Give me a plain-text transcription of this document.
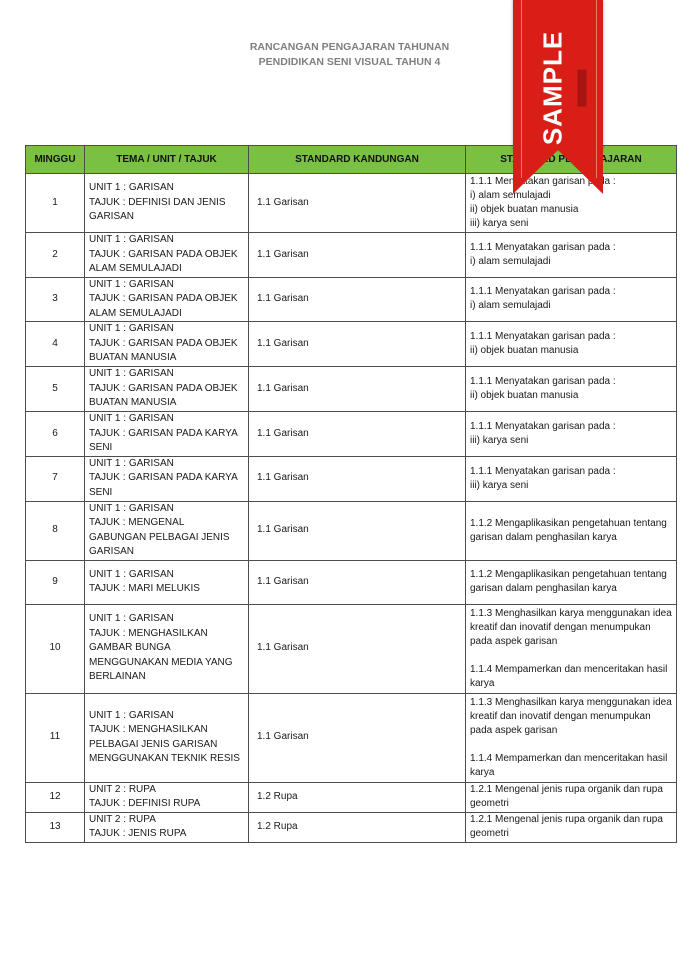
RANCANGAN PENGAJARAN TAHUNAN
PENDIDIKAN SENI VISUAL TAHUN 4
MINGGU	TEMA / UNIT / TAJUK	STANDARD KANDUNGAN	STANDARD PEMBELAJARAN
1	UNIT 1 : GARISAN
TAJUK : DEFINISI DAN JENIS GARISAN	1.1 Garisan	1.1.1 Menyatakan garisan pada :
i) alam semulajadi
ii) objek buatan manusia
iii) karya seni
2	UNIT 1 : GARISAN
TAJUK : GARISAN PADA OBJEK ALAM SEMULAJADI	1.1 Garisan	1.1.1 Menyatakan garisan pada :
i) alam semulajadi
3	UNIT 1 : GARISAN
TAJUK : GARISAN PADA OBJEK ALAM SEMULAJADI	1.1 Garisan	1.1.1 Menyatakan garisan pada :
i) alam semulajadi
4	UNIT 1 : GARISAN
TAJUK : GARISAN PADA OBJEK BUATAN MANUSIA	1.1 Garisan	1.1.1 Menyatakan garisan pada :
ii) objek buatan manusia
5	UNIT 1 : GARISAN
TAJUK : GARISAN PADA OBJEK BUATAN MANUSIA	1.1 Garisan	1.1.1 Menyatakan garisan pada :
ii) objek buatan manusia
6	UNIT 1 : GARISAN
TAJUK : GARISAN PADA KARYA SENI	1.1 Garisan	1.1.1 Menyatakan garisan pada :
iii) karya seni
7	UNIT 1 : GARISAN
TAJUK : GARISAN PADA KARYA SENI	1.1 Garisan	1.1.1 Menyatakan garisan pada :
iii) karya seni
8	UNIT 1 : GARISAN
TAJUK : MENGENAL GABUNGAN PELBAGAI JENIS GARISAN	1.1 Garisan	1.1.2 Mengaplikasikan pengetahuan tentang garisan dalam penghasilan karya
9	UNIT 1 : GARISAN
TAJUK : MARI MELUKIS	1.1 Garisan	1.1.2 Mengaplikasikan pengetahuan tentang garisan dalam penghasilan karya
10	UNIT 1 : GARISAN
TAJUK : MENGHASILKAN GAMBAR BUNGA MENGGUNAKAN MEDIA YANG BERLAINAN	1.1 Garisan	1.1.3 Menghasilkan karya menggunakan idea kreatif dan inovatif dengan menumpukan pada aspek garisan

1.1.4 Mempamerkan dan menceritakan hasil karya
11	UNIT 1 : GARISAN
TAJUK : MENGHASILKAN PELBAGAI JENIS GARISAN MENGGUNAKAN TEKNIK RESIS	1.1 Garisan	1.1.3 Menghasilkan karya menggunakan idea kreatif dan inovatif dengan menumpukan pada aspek garisan

1.1.4 Mempamerkan dan menceritakan hasil karya
12	UNIT 2 : RUPA
TAJUK : DEFINISI RUPA	1.2 Rupa	1.2.1 Mengenal jenis rupa organik dan rupa geometri
13	UNIT 2 : RUPA
TAJUK : JENIS RUPA	1.2 Rupa	1.2.1 Mengenal jenis rupa organik dan rupa geometri
SAMPLE
